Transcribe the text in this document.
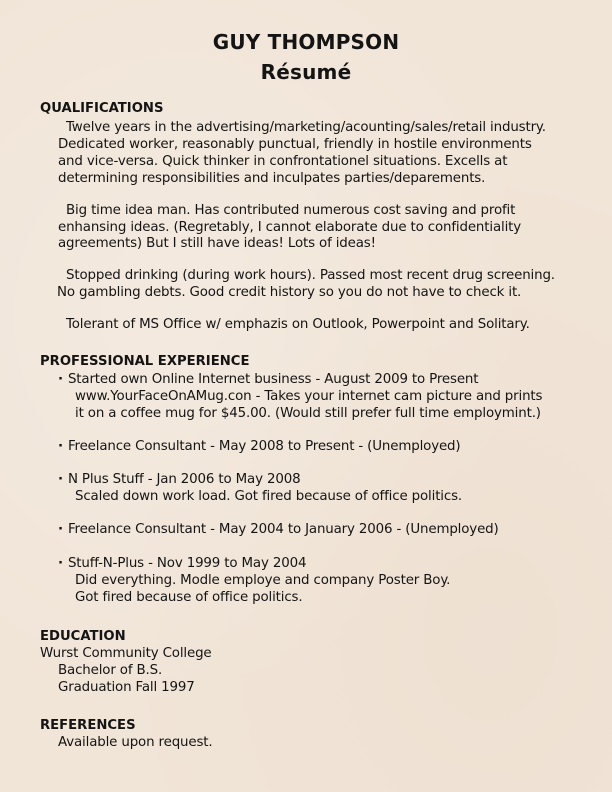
GUY THOMPSON
Résumé
QUALIFICATIONS
Twelve years in the advertising/marketing/acounting/sales/retail industry.
Dedicated worker, reasonably punctual, friendly in hostile environments
and vice-versa. Quick thinker in confrontationel situations. Excells at
determining responsibilities and inculpates parties/deparements.
Big time idea man. Has contributed numerous cost saving and profit
enhansing ideas. (Regretably, I cannot elaborate due to confidentiality
agreements) But I still have ideas! Lots of ideas!
Stopped drinking (during work hours). Passed most recent drug screening.
No gambling debts. Good credit history so you do not have to check it.
Tolerant of MS Office w/ emphazis on Outlook, Powerpoint and Solitary.
PROFESSIONAL EXPERIENCE
· Started own Online Internet business - August 2009 to Present
www.YourFaceOnAMug.con - Takes your internet cam picture and prints
it on a coffee mug for $45.00. (Would still prefer full time employmint.)
· Freelance Consultant - May 2008 to Present - (Unemployed)
· N Plus Stuff - Jan 2006 to May 2008
Scaled down work load. Got fired because of office politics.
· Freelance Consultant - May 2004 to January 2006 - (Unemployed)
· Stuff-N-Plus - Nov 1999 to May 2004
Did everything. Modle employe and company Poster Boy.
Got fired because of office politics.
EDUCATION
Wurst Community College
Bachelor of B.S.
Graduation Fall 1997
REFERENCES
Available upon request.
